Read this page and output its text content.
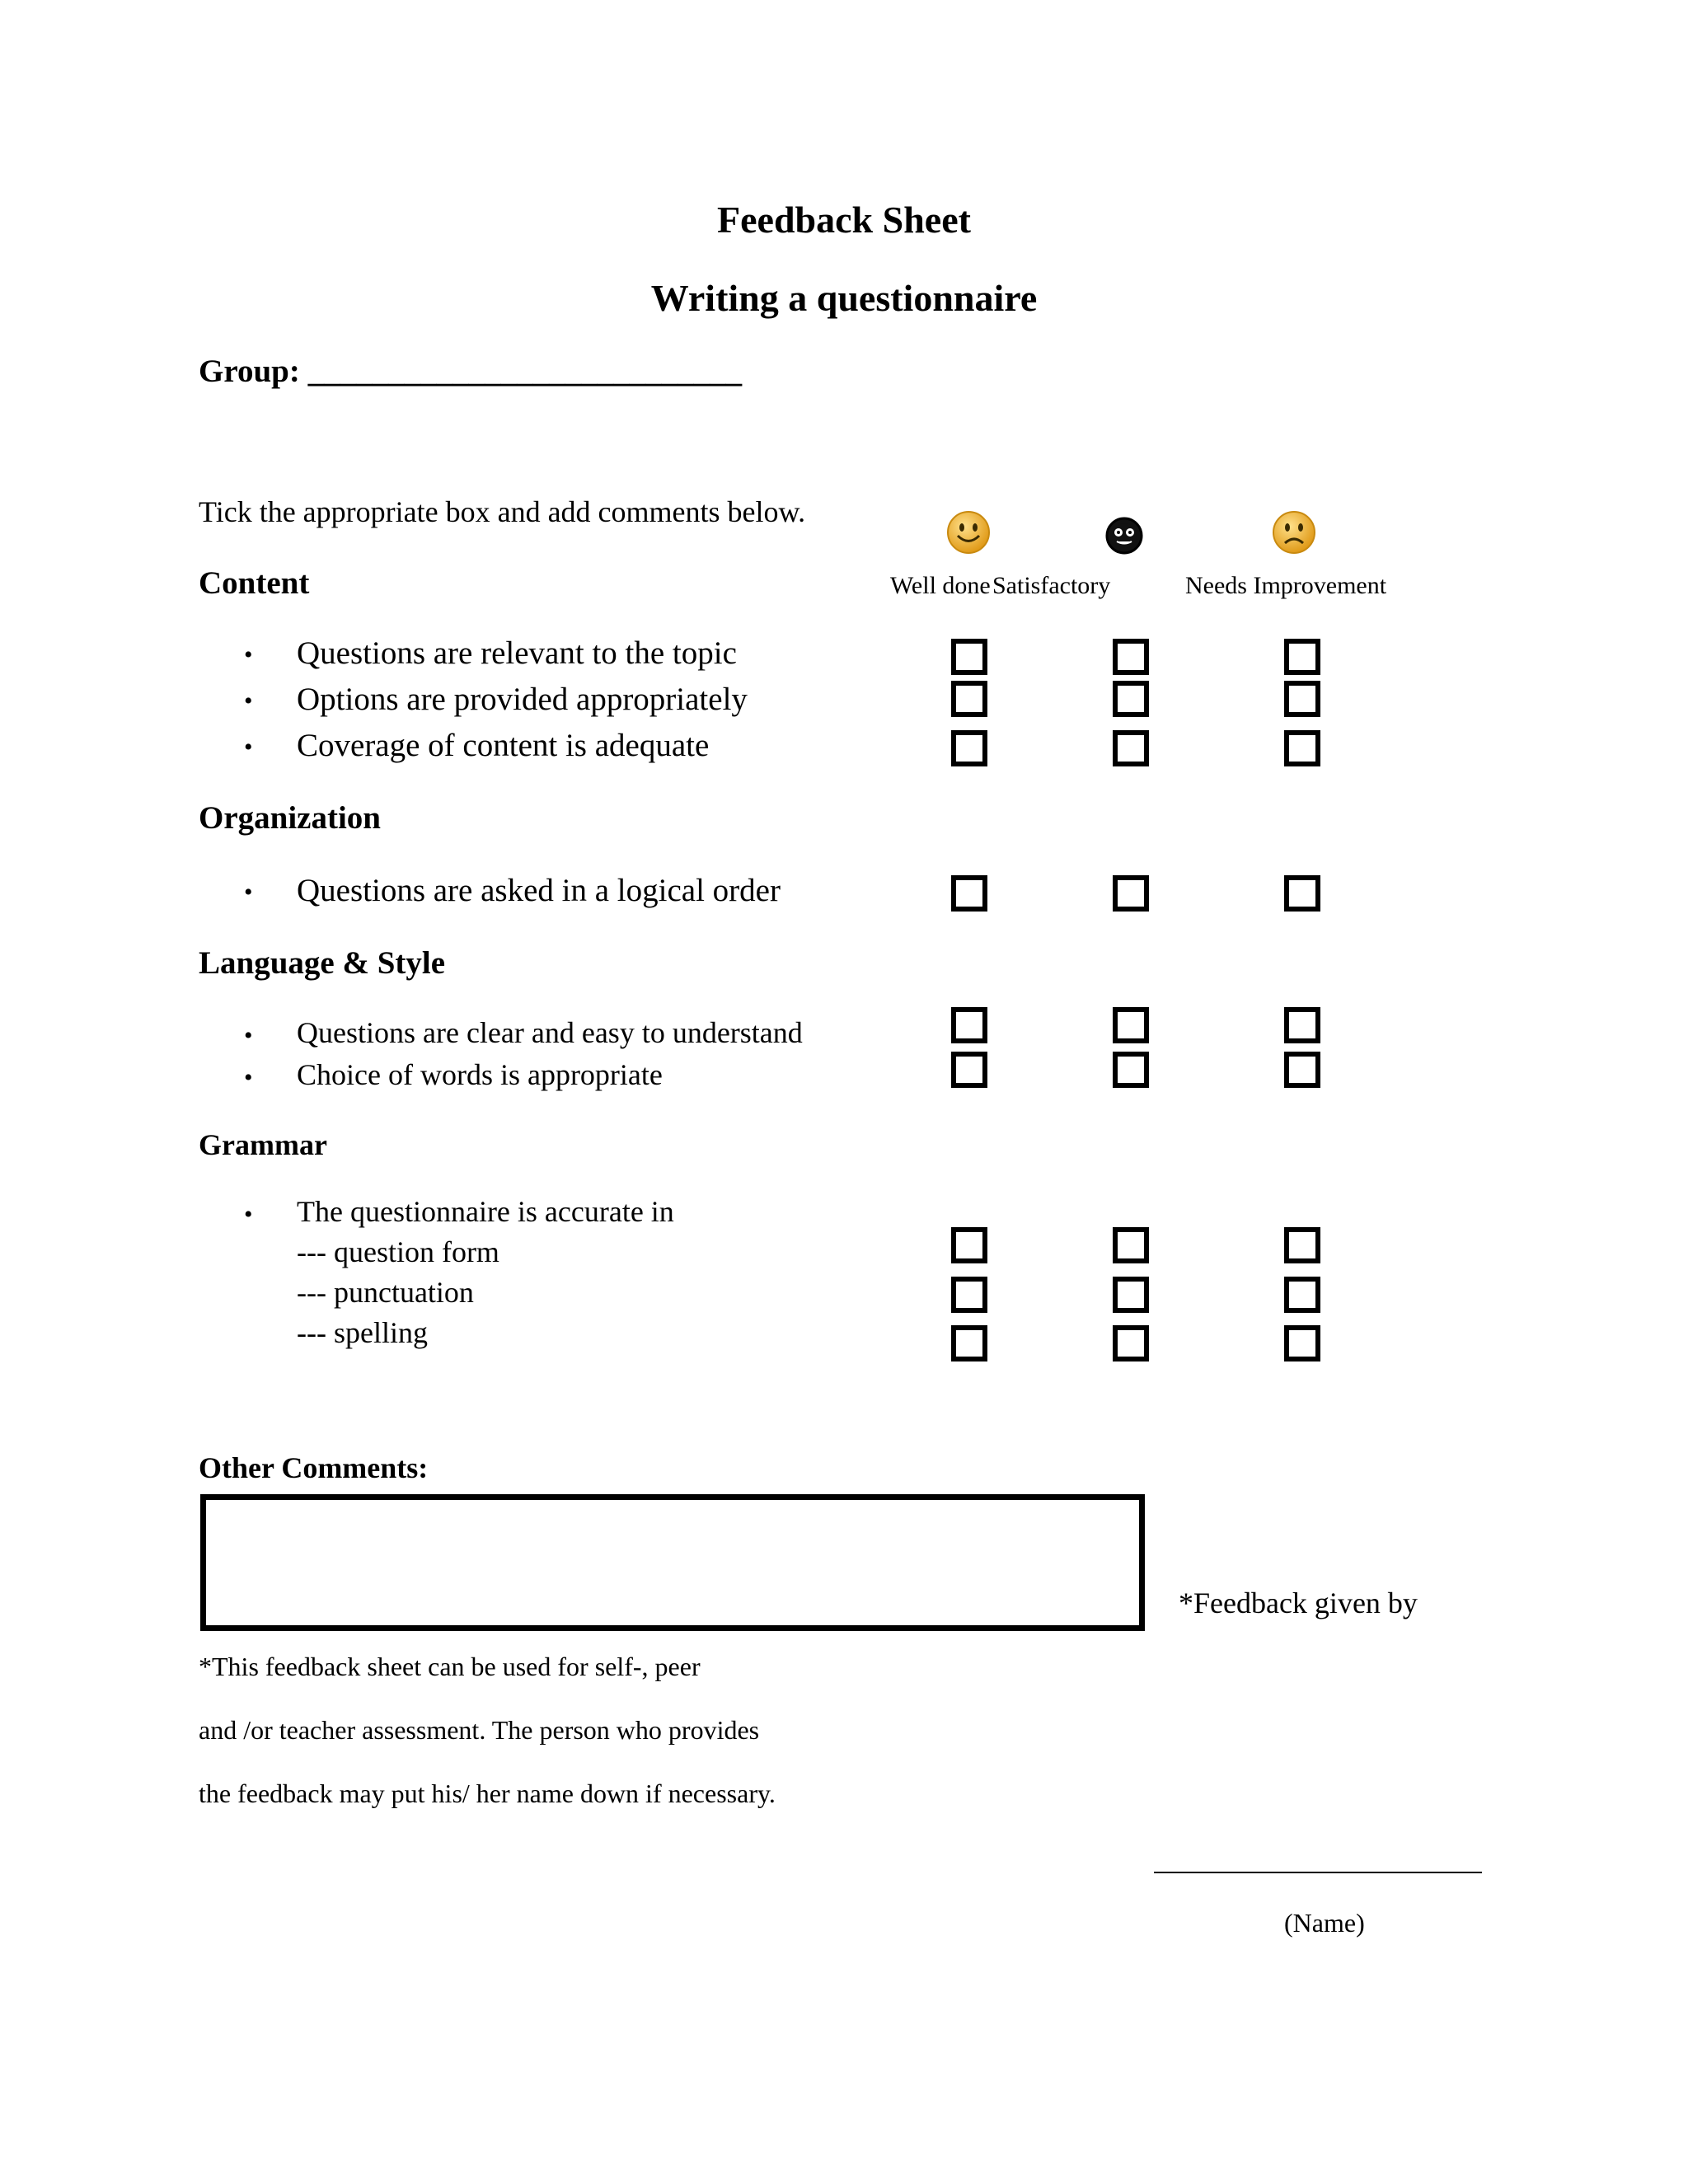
Feedback Sheet
Writing a questionnaire
Group: ___________________________
Tick the appropriate box and add comments below.
Well done Satisfactory	Needs Improvement
Content
• Questions are relevant to the topic
• Options are provided appropriately
• Coverage of content is adequate
Organization
• Questions are asked in a logical order
Language & Style
• Questions are clear and easy to understand
• Choice of words is appropriate
Grammar
• The questionnaire is accurate in
--- question form
--- punctuation
--- spelling
Other Comments:
*Feedback given by
*This feedback sheet can be used for self-, peer
and /or teacher assessment. The person who provides
the feedback may put his/ her name down if necessary.
(Name)
